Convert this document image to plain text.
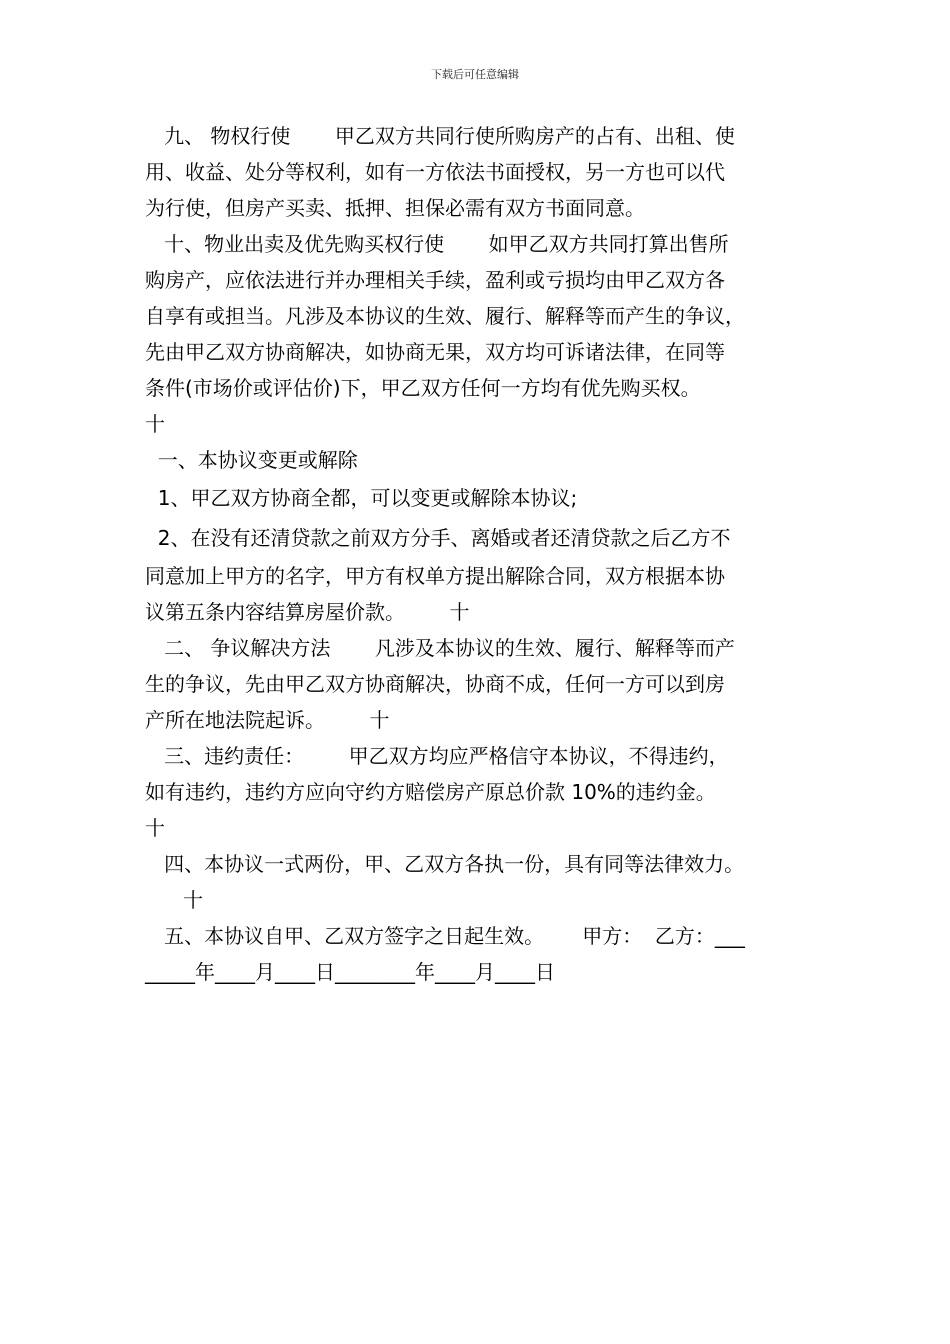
下载后可任意编辑
九、 物权行使       甲乙双方共同行使所购房产的占有、出租、使
用、收益、处分等权利，如有一方依法书面授权，另一方也可以代
为行使，但房产买卖、抵押、担保必需有双方书面同意。
十、物业出卖及优先购买权行使       如甲乙双方共同打算出售所
购房产，应依法进行并办理相关手续，盈利或亏损均由甲乙双方各
自享有或担当。凡涉及本协议的生效、履行、解释等而产生的争议，
先由甲乙双方协商解决，如协商无果，双方均可诉诸法律，在同等
条件(市场价或评估价)下，甲乙双方任何一方均有优先购买权。
十
一、本协议变更或解除
1、甲乙双方协商全都，可以变更或解除本协议;
2、在没有还清贷款之前双方分手、离婚或者还清贷款之后乙方不
同意加上甲方的名字，甲方有权单方提出解除合同，双方根据本协
议第五条内容结算房屋价款。       十
二、 争议解决方法       凡涉及本协议的生效、履行、解释等而产
生的争议，先由甲乙双方协商解决，协商不成，任何一方可以到房
产所在地法院起诉。       十
三、违约责任：       甲乙双方均应严格信守本协议，不得违约，
如有违约，违约方应向守约方赔偿房产原总价款 10%的违约金。
十
四、本协议一式两份，甲、乙双方各执一份，具有同等法律效力。
十
五、本协议自甲、乙双方签字之日起生效。      甲方：  乙方：___
_____年____月____日________年____月____日
